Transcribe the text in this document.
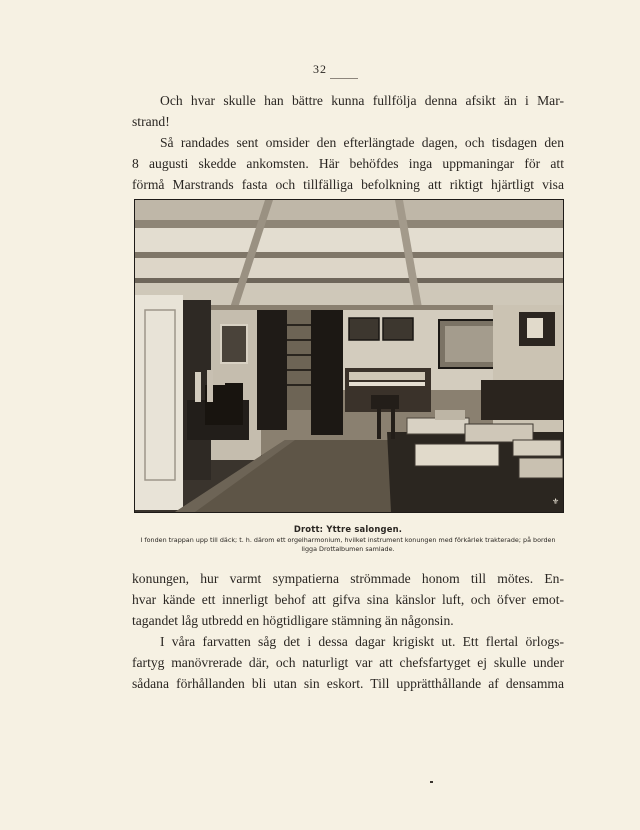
32
Och hvar skulle han bättre kunna fullfölja denna afsikt än i Mar-
strand!
Så randades sent omsider den efterlängtade dagen, och tisdagen den
8 augusti skedde ankomsten. Här behöfdes inga uppmaningar för att
förmå Marstrands fasta och tillfälliga befolkning att riktigt hjärtligt visa
⚜
Drott: Yttre salongen.
I fonden trappan upp till däck; t. h. därom ett orgelharmonium, hvilket instrument konungen med förkärlek trakterade; på borden ligga Drottalbumen samlade.
konungen, hur varmt sympatierna strömmade honom till mötes. En-
hvar kände ett innerligt behof att gifva sina känslor luft, och öfver emot-
tagandet låg utbredd en högtidligare stämning än någonsin.
I våra farvatten såg det i dessa dagar krigiskt ut. Ett flertal örlogs-
fartyg manövrerade där, och naturligt var att chefsfartyget ej skulle under
sådana förhållanden bli utan sin eskort. Till upprätthållande af densamma
